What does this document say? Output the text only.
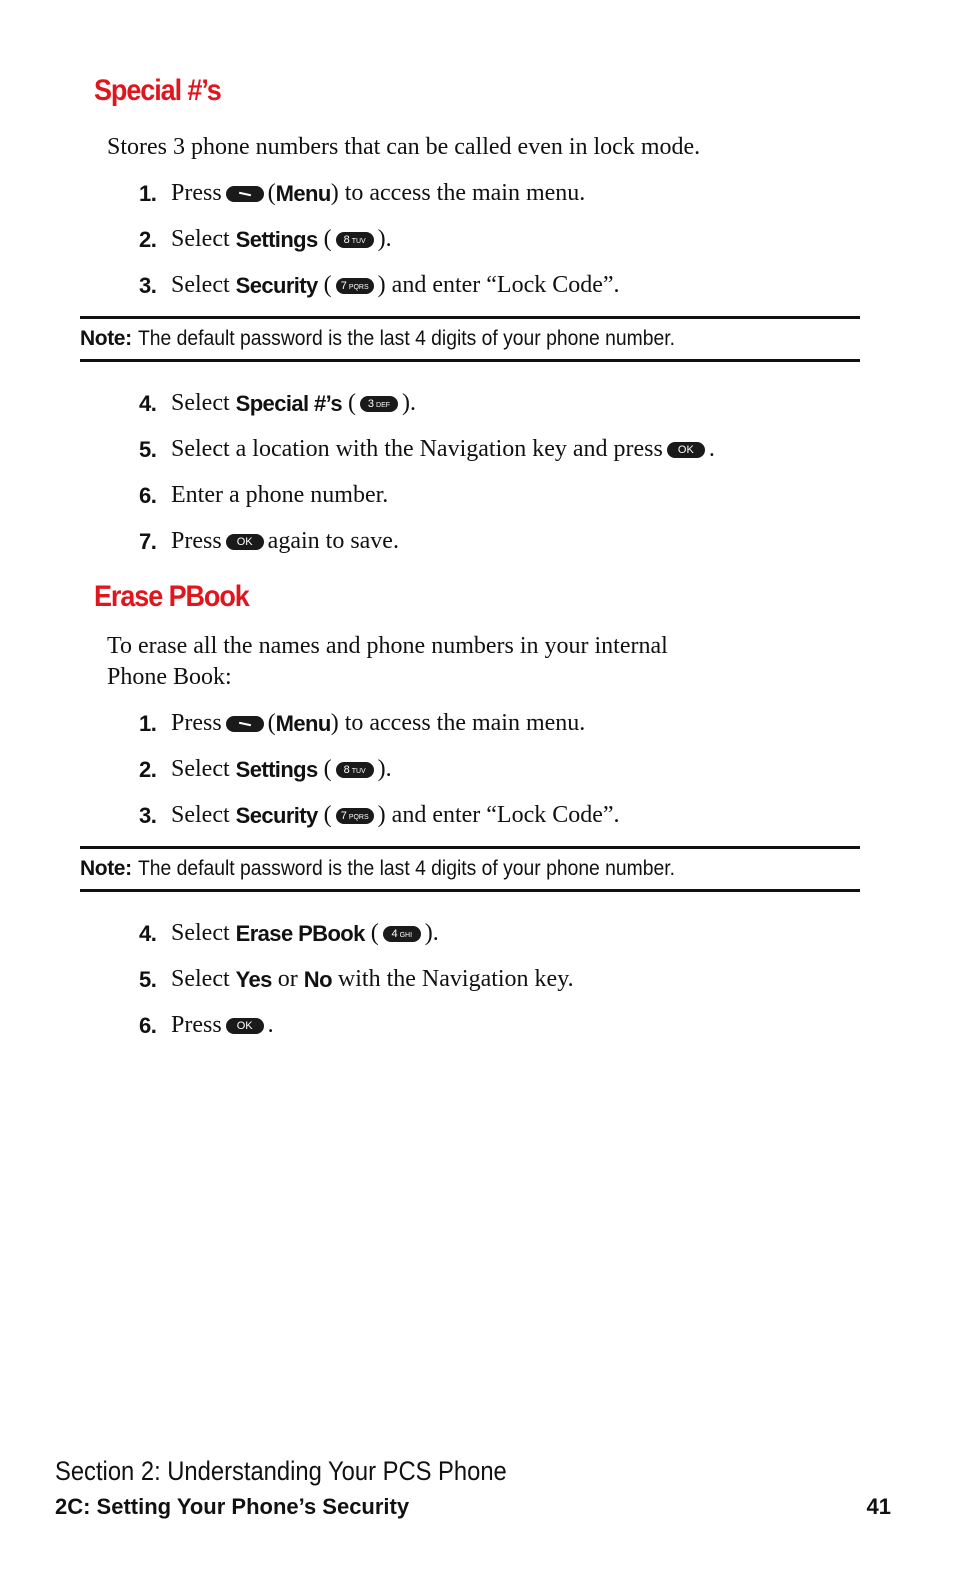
Special #’s
Stores 3 phone numbers that can be called even in lock mode.
1. Press ( Menu ) to access the main menu.
2. Select
Settings
(	8 TUV ).
3. Select
Security
( 7 PQRS ) and enter “Lock Code”.
Note: The default password is the last 4 digits of your phone number.
4. Select
Special #’s
(	3 DEF ).
5. Select a location with the Navigation key and press	OK .
6. Enter a phone number.
7. Press	OK again to save.
Erase PBook
To erase all the names and phone numbers in your internal
Phone Book:
1. Press ( Menu ) to access the main menu.
2. Select
Settings
(	8 TUV ).
3. Select
Security
( 7 PQRS ) and enter “Lock Code”.
Note: The default password is the last 4 digits of your phone number.
4. Select
Erase PBook
(	4 GHI ).
5. Select
Yes
or
No
with the Navigation key.
6. Press	OK .
Section 2: Understanding Your PCS Phone
2C: Setting Your Phone’s Security	41
